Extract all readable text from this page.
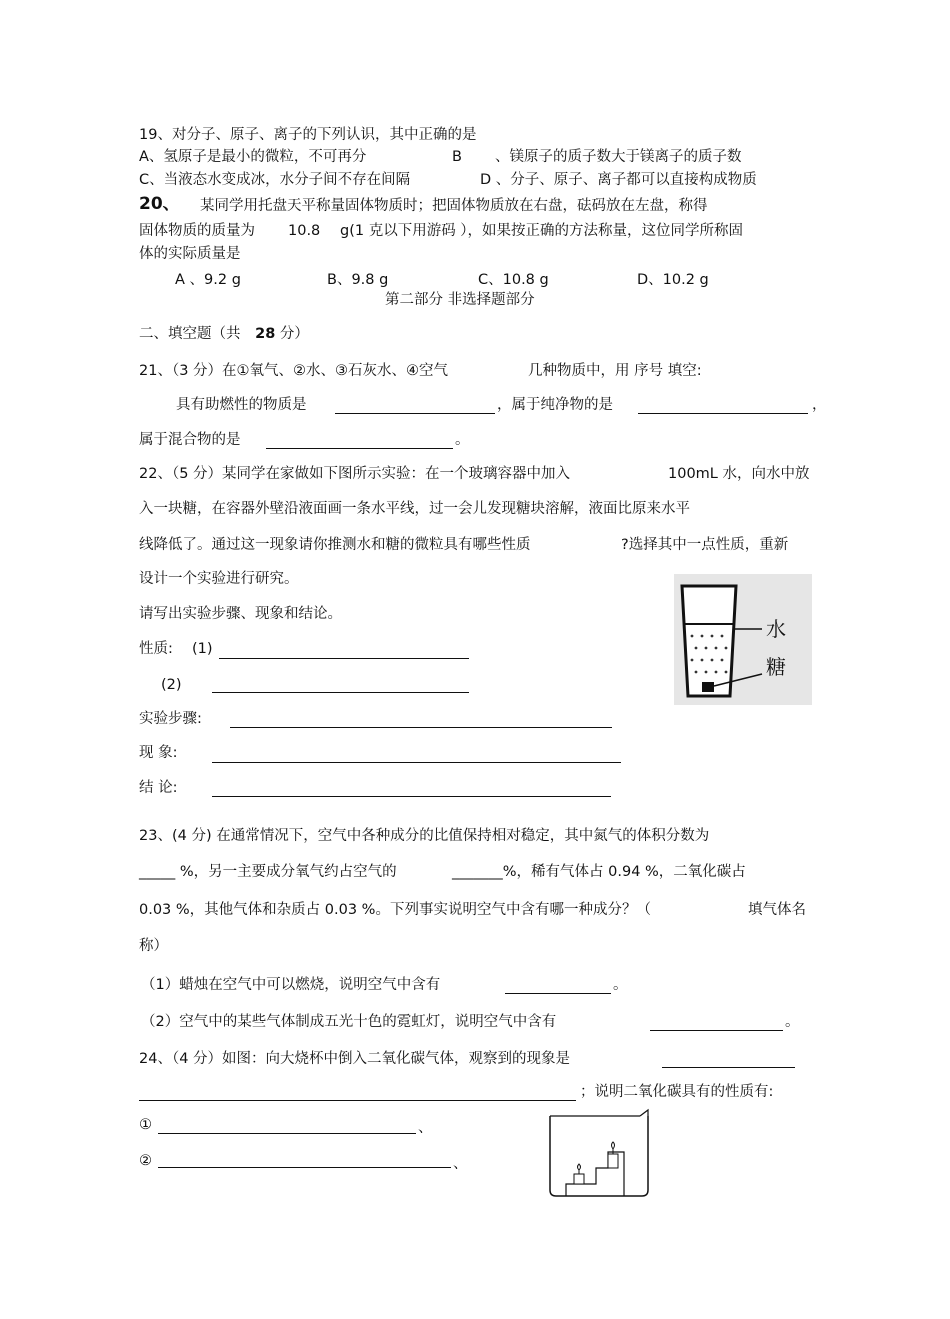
19、对分子、原子、离子的下列认识，其中正确的是
A、氢原子是最小的微粒，不可再分	B 、镁原子的质子数大于镁离子的质子数
C、当液态水变成冰，水分子间不存在间隔	D 、分子、原子、离子都可以直接构成物质
20、 某同学用托盘天平称量固体物质时；把固体物质放在右盘，砝码放在左盘，称得
固体物质的质量为 10.8 g(1 克以下用游码 ），如果按正确的方法称量，这位同学所称固
体的实际质量是
A 、9.2 g	B、9.8 g	C、10.8 g	D、10.2 g
第二部分 非选择题部分
二、填空题（共 28 分）
21、（3 分）在①氧气、②水、③石灰水、④空气	几种物质中，用 序号 填空:
具有助燃性的物质是	，属于纯净物的是	，
属于混合物的是	。
22、（5 分）某同学在家做如下图所示实验：在一个玻璃容器中加入	100mL 水，向水中放
入一块糖，在容器外壁沿液面画一条水平线，过一会儿发现糖块溶解，液面比原来水平
线降低了。通过这一现象请你推测水和糖的微粒具有哪些性质	?选择其中一点性质，重新
设计一个实验进行研究。
请写出实验步骤、现象和结论。
性质: (1)
(2)
实验步骤:
现 象:
结 论:
水
糖
23、(4 分) 在通常情况下，空气中各种成分的比值保持相对稳定，其中氮气的体积分数为
_____ %，另一主要成分氧气约占空气的	_______%，稀有气体占 0.94 %，二氧化碳占
0.03 %，其他气体和杂质占 0.03 %。下列事实说明空气中含有哪一种成分？（	填气体名
称）
（1）蜡烛在空气中可以燃烧，说明空气中含有	。
（2）空气中的某些气体制成五光十色的霓虹灯，说明空气中含有	。
24、（4 分）如图：向大烧杯中倒入二氧化碳气体，观察到的现象是
；说明二氧化碳具有的性质有:
①	、
②	、
